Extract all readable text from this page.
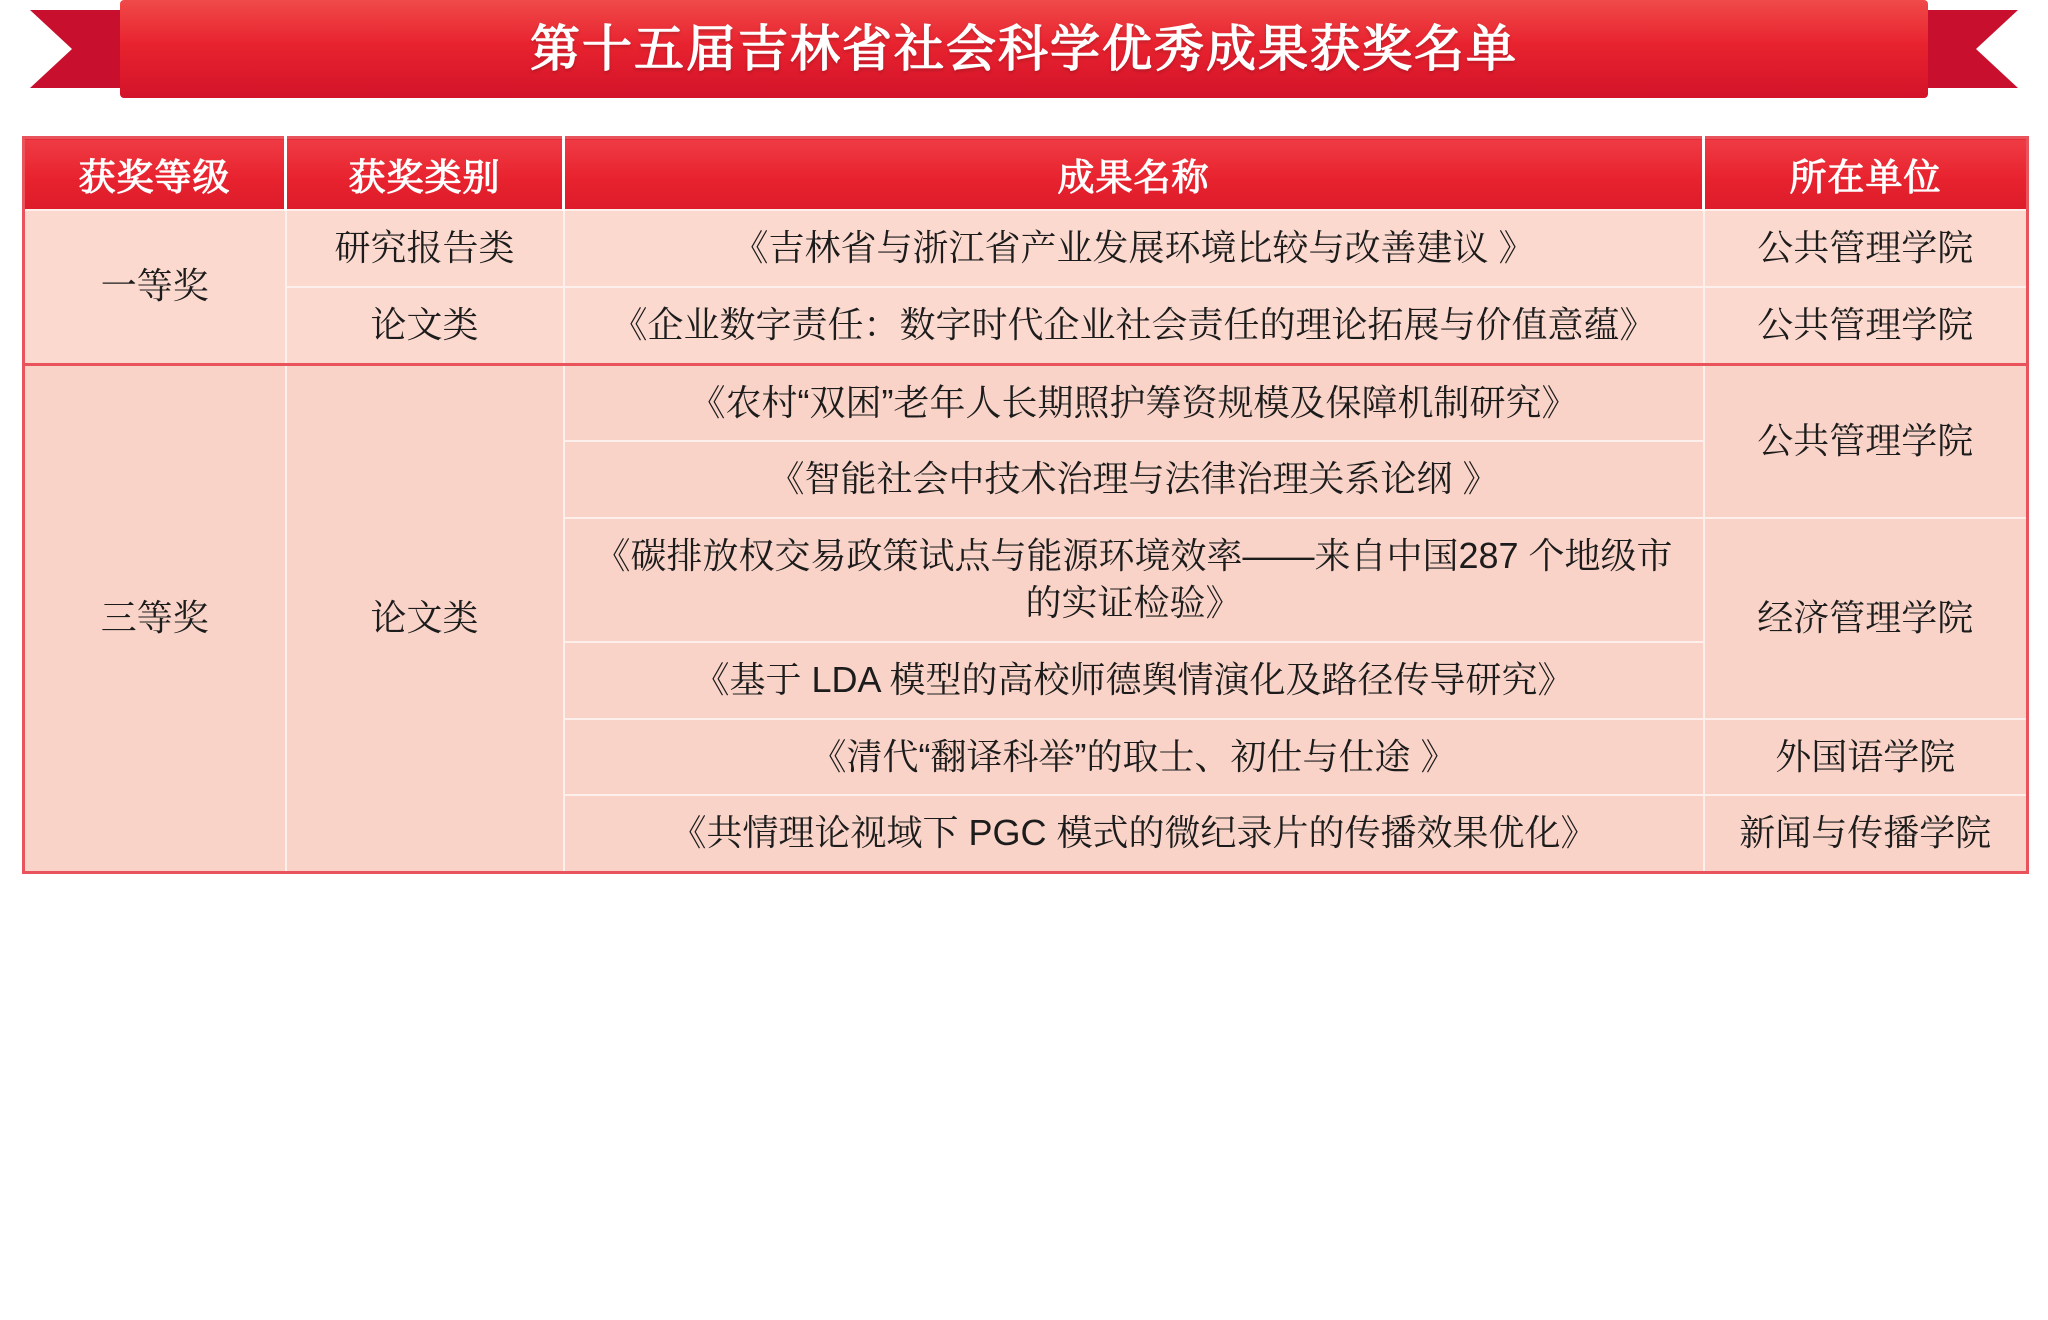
第十五届吉林省社会科学优秀成果获奖名单
获奖等级	获奖类别	成果名称	所在单位
一等奖	研究报告类	《吉林省与浙江省产业发展环境比较与改善建议 》	公共管理学院
	论文类	《企业数字责任：数字时代企业社会责任的理论拓展与价值意蕴》	公共管理学院
三等奖	论文类	《农村“双困”老年人长期照护筹资规模及保障机制研究》	公共管理学院
		《智能社会中技术治理与法律治理关系论纲 》	
		《碳排放权交易政策试点与能源环境效率——来自中国287 个地级市的实证检验》	经济管理学院
		《基于 LDA 模型的高校师德舆情演化及路径传导研究》	
		《清代“翻译科举”的取士、初仕与仕途 》	外国语学院
		《共情理论视域下 PGC 模式的微纪录片的传播效果优化》	新闻与传播学院
